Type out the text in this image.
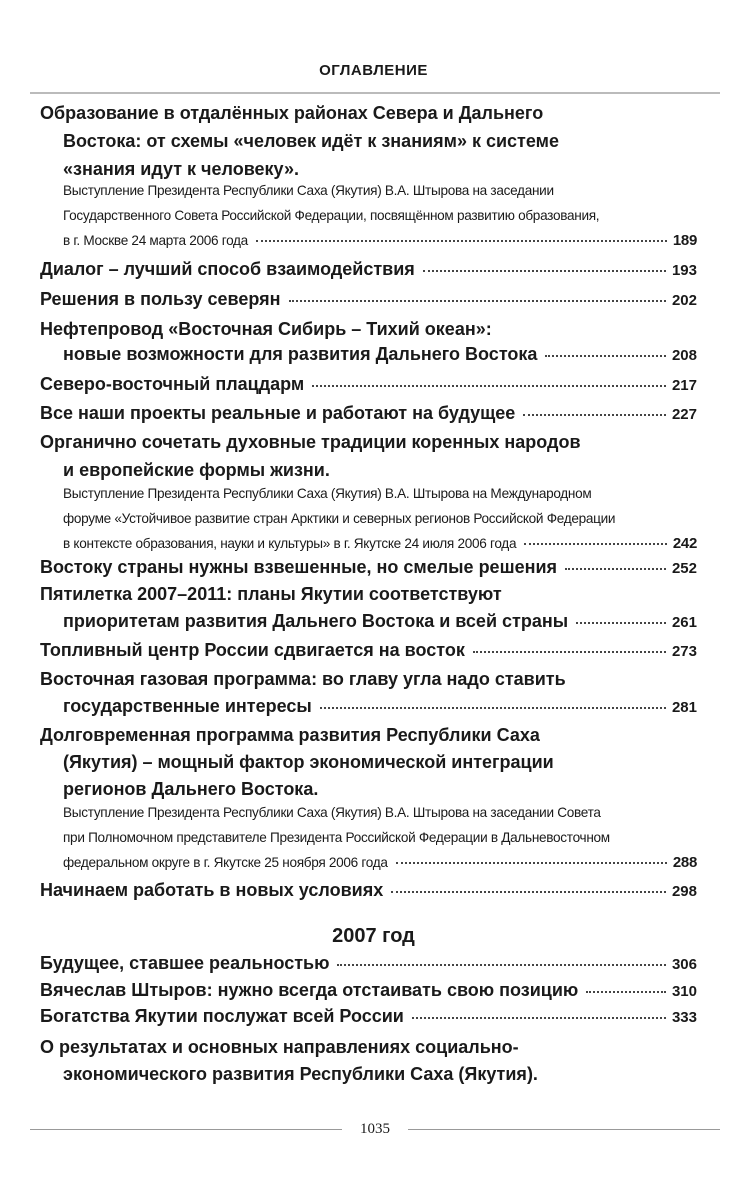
ОГЛАВЛЕНИЕ
Образование в отдалённых районах Севера и Дальнего
Востока: от схемы «человек идёт к знаниям» к системе
«знания идут к человеку».
Выступление Президента Республики Саха (Якутия) В.А. Штырова на заседании
Государственного Совета Российской Федерации, посвящённом развитию образования,
в г. Москве 24 марта 2006 года	189
Диалог – лучший способ взаимодействия	193
Решения в пользу северян	202
Нефтепровод «Восточная Сибирь – Тихий океан»:
новые возможности для развития Дальнего Востока	208
Северо-восточный плацдарм	217
Все наши проекты реальные и работают на будущее	227
Органично сочетать духовные традиции коренных народов
и европейские формы жизни.
Выступление Президента Республики Саха (Якутия) В.А. Штырова на Международном
форуме «Устойчивое развитие стран Арктики и северных регионов Российской Федерации
в контексте образования, науки и культуры» в г. Якутске 24 июля 2006 года	242
Востоку страны нужны взвешенные, но смелые решения	252
Пятилетка 2007–2011: планы Якутии соответствуют
приоритетам развития Дальнего Востока и всей страны	261
Топливный центр России сдвигается на восток	273
Восточная газовая программа: во главу угла надо ставить
государственные интересы	281
Долговременная программа развития Республики Саха
(Якутия) – мощный фактор экономической интеграции
регионов Дальнего Востока.
Выступление Президента Республики Саха (Якутия) В.А. Штырова на заседании Совета
при Полномочном представителе Президента Российской Федерации в Дальневосточном
федеральном округе в г. Якутске 25 ноября 2006 года	288
Начинаем работать в новых условиях	298
2007 год
Будущее, ставшее реальностью	306
Вячеслав Штыров: нужно всегда отстаивать свою позицию	310
Богатства Якутии послужат всей России	333
О результатах и основных направлениях социально-
экономического развития Республики Саха (Якутия).
1035
